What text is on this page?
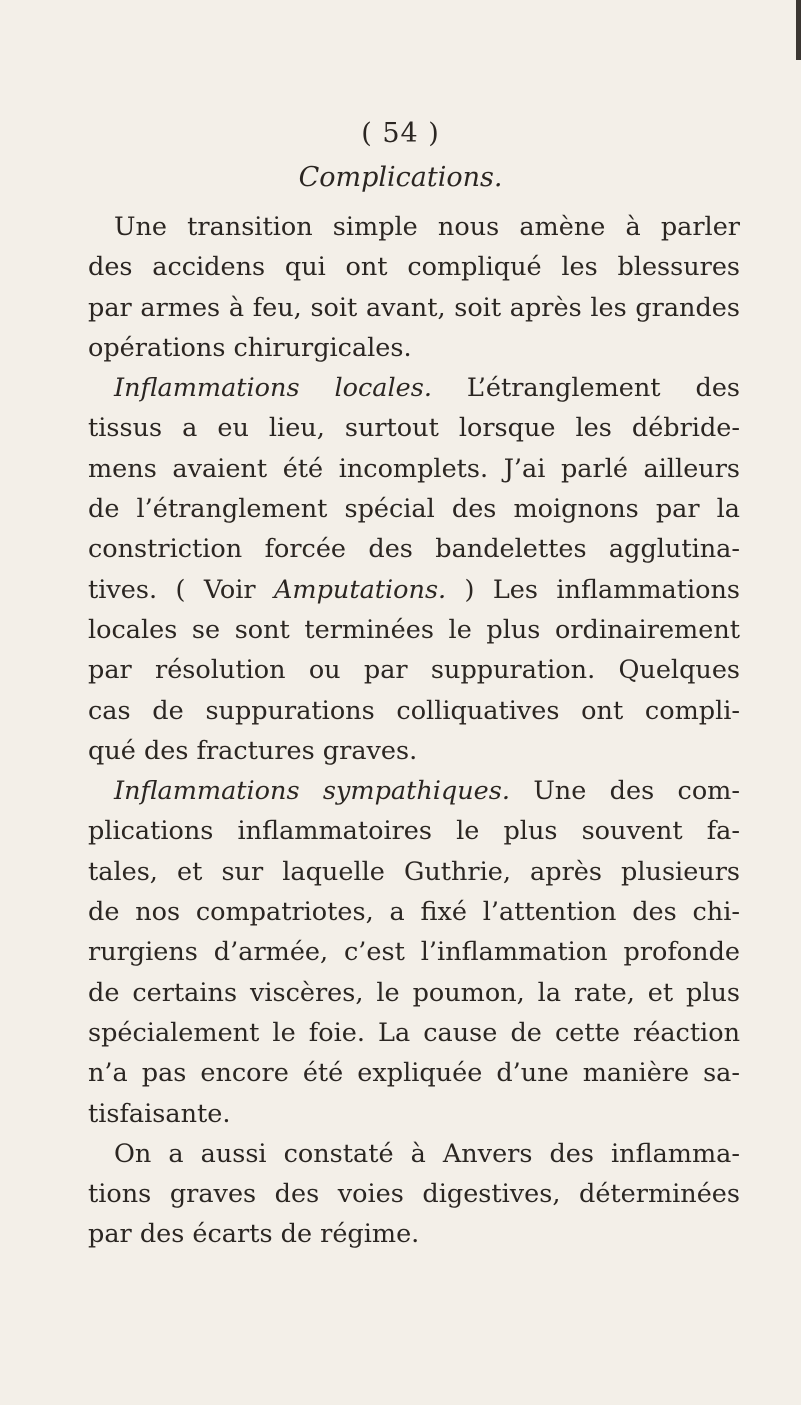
( 54 )
Complications.
Une transition simple nous amène à parler
des accidens qui ont compliqué les blessures
par armes à feu, soit avant, soit après les grandes
opérations chirurgicales.
Inflammations locales. L’étranglement des
tissus a eu lieu, surtout lorsque les débride-
mens avaient été incomplets. J’ai parlé ailleurs
de l’étranglement spécial des moignons par la
constriction forcée des bandelettes agglutina-
tives. ( Voir Amputations. ) Les inflammations
locales se sont terminées le plus ordinairement
par résolution ou par suppuration. Quelques
cas de suppurations colliquatives ont compli-
qué des fractures graves.
Inflammations sympathiques. Une des com-
plications inflammatoires le plus souvent fa-
tales, et sur laquelle Guthrie, après plusieurs
de nos compatriotes, a fixé l’attention des chi-
rurgiens d’armée, c’est l’inflammation profonde
de certains viscères, le poumon, la rate, et plus
spécialement le foie. La cause de cette réaction
n’a pas encore été expliquée d’une manière sa-
tisfaisante.
On a aussi constaté à Anvers des inflamma-
tions graves des voies digestives, déterminées
par des écarts de régime.
